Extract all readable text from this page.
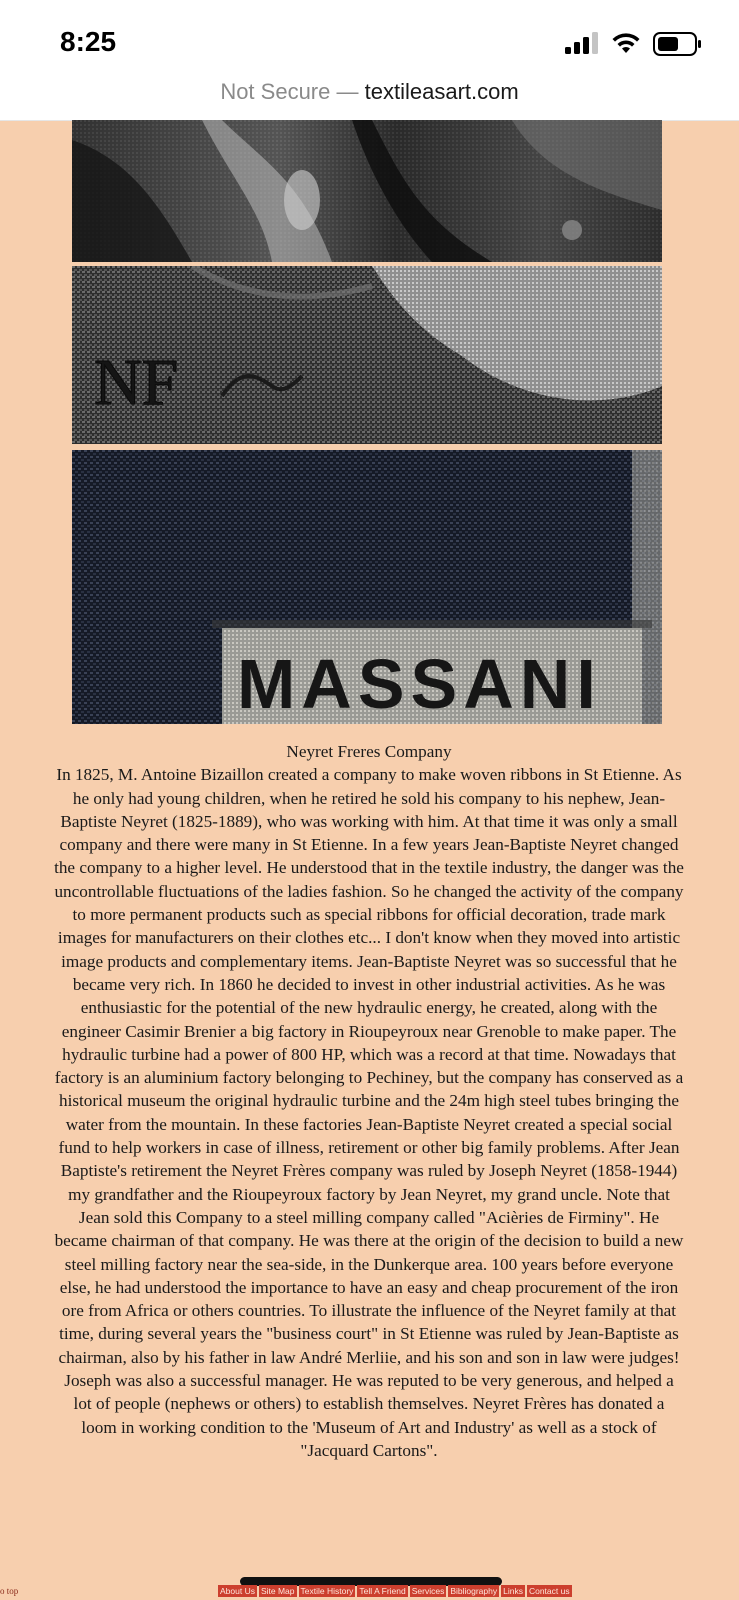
8:25
Not Secure — textileasart.com
NF
MASSANI
Neyret Freres Company
In 1825, M. Antoine Bizaillon created a company to make woven ribbons in St Etienne. As he only had young children, when he retired he sold his company to his nephew, Jean-Baptiste Neyret (1825-1889), who was working with him. At that time it was only a small company and there were many in St Etienne. In a few years Jean-Baptiste Neyret changed the company to a higher level. He understood that in the textile industry, the danger was the uncontrollable fluctuations of the ladies fashion. So he changed the activity of the company to more permanent products such as special ribbons for official decoration, trade mark images for manufacturers on their clothes etc... I don't know when they moved into artistic image products and complementary items. Jean-Baptiste Neyret was so successful that he became very rich. In 1860 he decided to invest in other industrial activities. As he was enthusiastic for the potential of the new hydraulic energy, he created, along with the engineer Casimir Brenier a big factory in Rioupeyroux near Grenoble to make paper. The hydraulic turbine had a power of 800 HP, which was a record at that time. Nowadays that factory is an aluminium factory belonging to Pechiney, but the company has conserved as a historical museum the original hydraulic turbine and the 24m high steel tubes bringing the water from the mountain. In these factories Jean-Baptiste Neyret created a special social fund to help workers in case of illness, retirement or other big family problems. After Jean Baptiste's retirement the Neyret Frères company was ruled by Joseph Neyret (1858-1944) my grandfather and the Rioupeyroux factory by Jean Neyret, my grand uncle. Note that Jean sold this Company to a steel milling company called "Acièries de Firminy". He became chairman of that company. He was there at the origin of the decision to build a new steel milling factory near the sea-side, in the Dunkerque area. 100 years before everyone else, he had understood the importance to have an easy and cheap procurement of the iron ore from Africa or others countries. To illustrate the influence of the Neyret family at that time, during several years the "business court" in St Etienne was ruled by Jean-Baptiste as chairman, also by his father in law André Merliie, and his son and son in law were judges! Joseph was also a successful manager. He was reputed to be very generous, and helped a lot of people (nephews or others) to establish themselves. Neyret Frères has donated a loom in working condition to the 'Museum of Art and Industry' as well as a stock of "Jacquard Cartons".
o top	About Us Site Map Textile History Tell A Friend Services Bibliography Links Contact us
